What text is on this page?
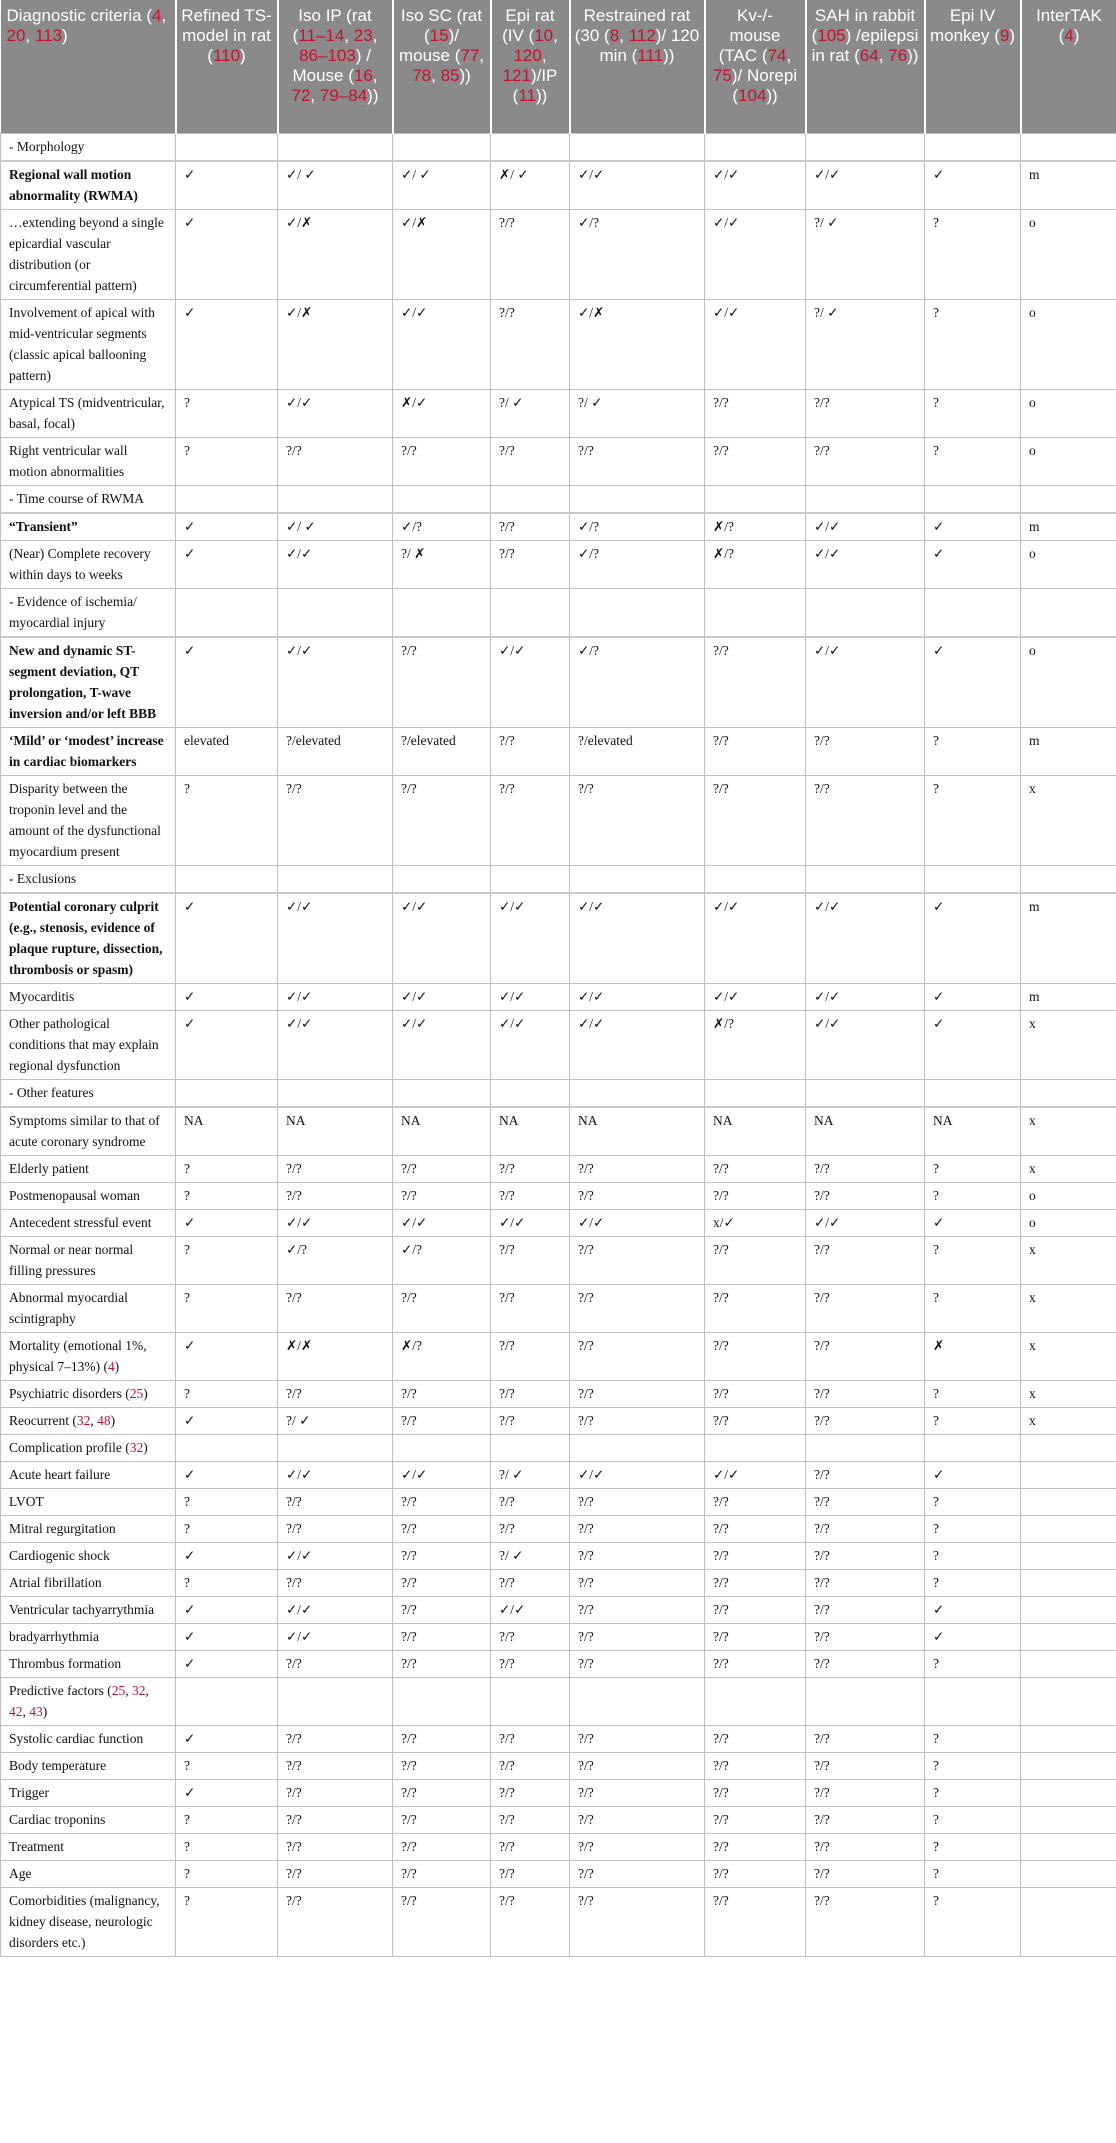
Diagnostic criteria (4, 20, 113)	Refined TS-model in rat (110)	Iso IP (rat (11–14, 23, 86–103) / Mouse (16, 72, 79–84))	Iso SC (rat (15)/ mouse (77, 78, 85))	Epi rat (IV (10, 120, 121)/IP (11))	Restrained rat (30 (8, 112)/ 120 min (111))	Kv-/- mouse (TAC (74, 75)/ Norepi (104))	SAH in rabbit (105) /epilepsi in rat (64, 76))	Epi IV monkey (9)	InterTAK (4)
- Morphology									
Regional wall motion abnormality (RWMA)	✓	✓/ ✓	✓/ ✓	✗/ ✓	✓/✓	✓/✓	✓/✓	✓	m
…extending beyond a single epicardial vascular distribution (or circumferential pattern)	✓	✓/✗	✓/✗	?/?	✓/?	✓/✓	?/ ✓	?	o
Involvement of apical with mid-ventricular segments (classic apical ballooning pattern)	✓	✓/✗	✓/✓	?/?	✓/✗	✓/✓	?/ ✓	?	o
Atypical TS (midventricular, basal, focal)	?	✓/✓	✗/✓	?/ ✓	?/ ✓	?/?	?/?	?	o
Right ventricular wall motion abnormalities	?	?/?	?/?	?/?	?/?	?/?	?/?	?	o
- Time course of RWMA									
“Transient”	✓	✓/ ✓	✓/?	?/?	✓/?	✗/?	✓/✓	✓	m
(Near) Complete recovery within days to weeks	✓	✓/✓	?/ ✗	?/?	✓/?	✗/?	✓/✓	✓	o
- Evidence of ischemia/ myocardial injury									
New and dynamic ST-segment deviation, QT prolongation, T-wave inversion and/or left BBB	✓	✓/✓	?/?	✓/✓	✓/?	?/?	✓/✓	✓	o
‘Mild’ or ‘modest’ increase in cardiac biomarkers	elevated	?/elevated	?/elevated	?/?	?/elevated	?/?	?/?	?	m
Disparity between the troponin level and the amount of the dysfunctional myocardium present	?	?/?	?/?	?/?	?/?	?/?	?/?	?	x
- Exclusions									
Potential coronary culprit (e.g., stenosis, evidence of plaque rupture, dissection, thrombosis or spasm)	✓	✓/✓	✓/✓	✓/✓	✓/✓	✓/✓	✓/✓	✓	m
Myocarditis	✓	✓/✓	✓/✓	✓/✓	✓/✓	✓/✓	✓/✓	✓	m
Other pathological conditions that may explain regional dysfunction	✓	✓/✓	✓/✓	✓/✓	✓/✓	✗/?	✓/✓	✓	x
- Other features									
Symptoms similar to that of acute coronary syndrome	NA	NA	NA	NA	NA	NA	NA	NA	x
Elderly patient	?	?/?	?/?	?/?	?/?	?/?	?/?	?	x
Postmenopausal woman	?	?/?	?/?	?/?	?/?	?/?	?/?	?	o
Antecedent stressful event	✓	✓/✓	✓/✓	✓/✓	✓/✓	x/✓	✓/✓	✓	o
Normal or near normal filling pressures	?	✓/?	✓/?	?/?	?/?	?/?	?/?	?	x
Abnormal myocardial scintigraphy	?	?/?	?/?	?/?	?/?	?/?	?/?	?	x
Mortality (emotional 1%, physical 7–13%) (4)	✓	✗/✗	✗/?	?/?	?/?	?/?	?/?	✗	x
Psychiatric disorders (25)	?	?/?	?/?	?/?	?/?	?/?	?/?	?	x
Reocurrent (32, 48)	✓	?/ ✓	?/?	?/?	?/?	?/?	?/?	?	x
Complication profile (32)									
Acute heart failure	✓	✓/✓	✓/✓	?/ ✓	✓/✓	✓/✓	?/?	✓	
LVOT	?	?/?	?/?	?/?	?/?	?/?	?/?	?	
Mitral regurgitation	?	?/?	?/?	?/?	?/?	?/?	?/?	?	
Cardiogenic shock	✓	✓/✓	?/?	?/ ✓	?/?	?/?	?/?	?	
Atrial fibrillation	?	?/?	?/?	?/?	?/?	?/?	?/?	?	
Ventricular tachyarrythmia	✓	✓/✓	?/?	✓/✓	?/?	?/?	?/?	✓	
bradyarrhythmia	✓	✓/✓	?/?	?/?	?/?	?/?	?/?	✓	
Thrombus formation	✓	?/?	?/?	?/?	?/?	?/?	?/?	?	
Predictive factors (25, 32, 42, 43)									
Systolic cardiac function	✓	?/?	?/?	?/?	?/?	?/?	?/?	?	
Body temperature	?	?/?	?/?	?/?	?/?	?/?	?/?	?	
Trigger	✓	?/?	?/?	?/?	?/?	?/?	?/?	?	
Cardiac troponins	?	?/?	?/?	?/?	?/?	?/?	?/?	?	
Treatment	?	?/?	?/?	?/?	?/?	?/?	?/?	?	
Age	?	?/?	?/?	?/?	?/?	?/?	?/?	?	
Comorbidities (malignancy, kidney disease, neurologic disorders etc.)	?	?/?	?/?	?/?	?/?	?/?	?/?	?	
